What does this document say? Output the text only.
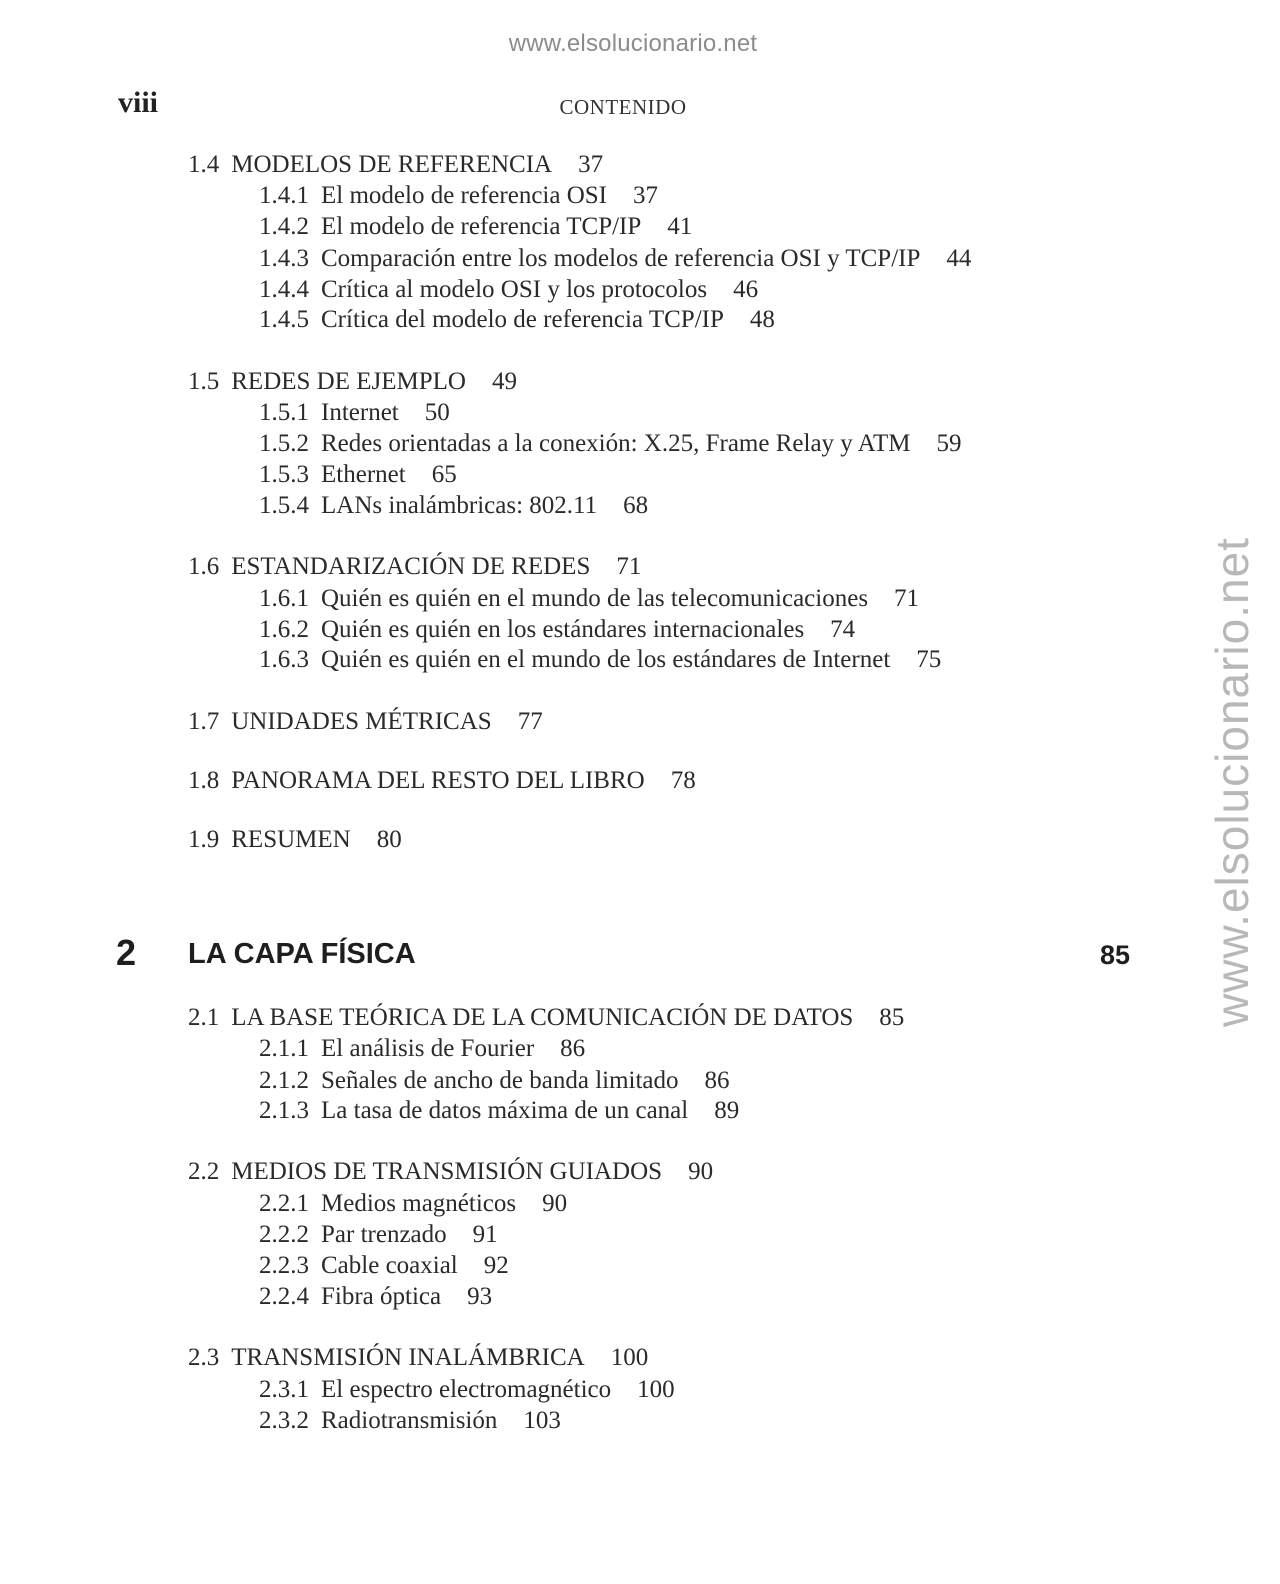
www.elsolucionario.net
www.elsolucionario.net
viii	CONTENIDO
1.4 MODELOS DE REFERENCIA 37
1.4.1 El modelo de referencia OSI 37
1.4.2 El modelo de referencia TCP/IP 41
1.4.3 Comparación entre los modelos de referencia OSI y TCP/IP 44
1.4.4 Crítica al modelo OSI y los protocolos 46
1.4.5 Crítica del modelo de referencia TCP/IP 48
1.5 REDES DE EJEMPLO 49
1.5.1 Internet 50
1.5.2 Redes orientadas a la conexión: X.25, Frame Relay y ATM 59
1.5.3 Ethernet 65
1.5.4 LANs inalámbricas: 802.11 68
1.6 ESTANDARIZACIÓN DE REDES 71
1.6.1 Quién es quién en el mundo de las telecomunicaciones 71
1.6.2 Quién es quién en los estándares internacionales 74
1.6.3 Quién es quién en el mundo de los estándares de Internet 75
1.7 UNIDADES MÉTRICAS 77
1.8 PANORAMA DEL RESTO DEL LIBRO 78
1.9 RESUMEN 80
2 LA CAPA FÍSICA	85
2.1 LA BASE TEÓRICA DE LA COMUNICACIÓN DE DATOS 85
2.1.1 El análisis de Fourier 86
2.1.2 Señales de ancho de banda limitado 86
2.1.3 La tasa de datos máxima de un canal 89
2.2 MEDIOS DE TRANSMISIÓN GUIADOS 90
2.2.1 Medios magnéticos 90
2.2.2 Par trenzado 91
2.2.3 Cable coaxial 92
2.2.4 Fibra óptica 93
2.3 TRANSMISIÓN INALÁMBRICA 100
2.3.1 El espectro electromagnético 100
2.3.2 Radiotransmisión 103
